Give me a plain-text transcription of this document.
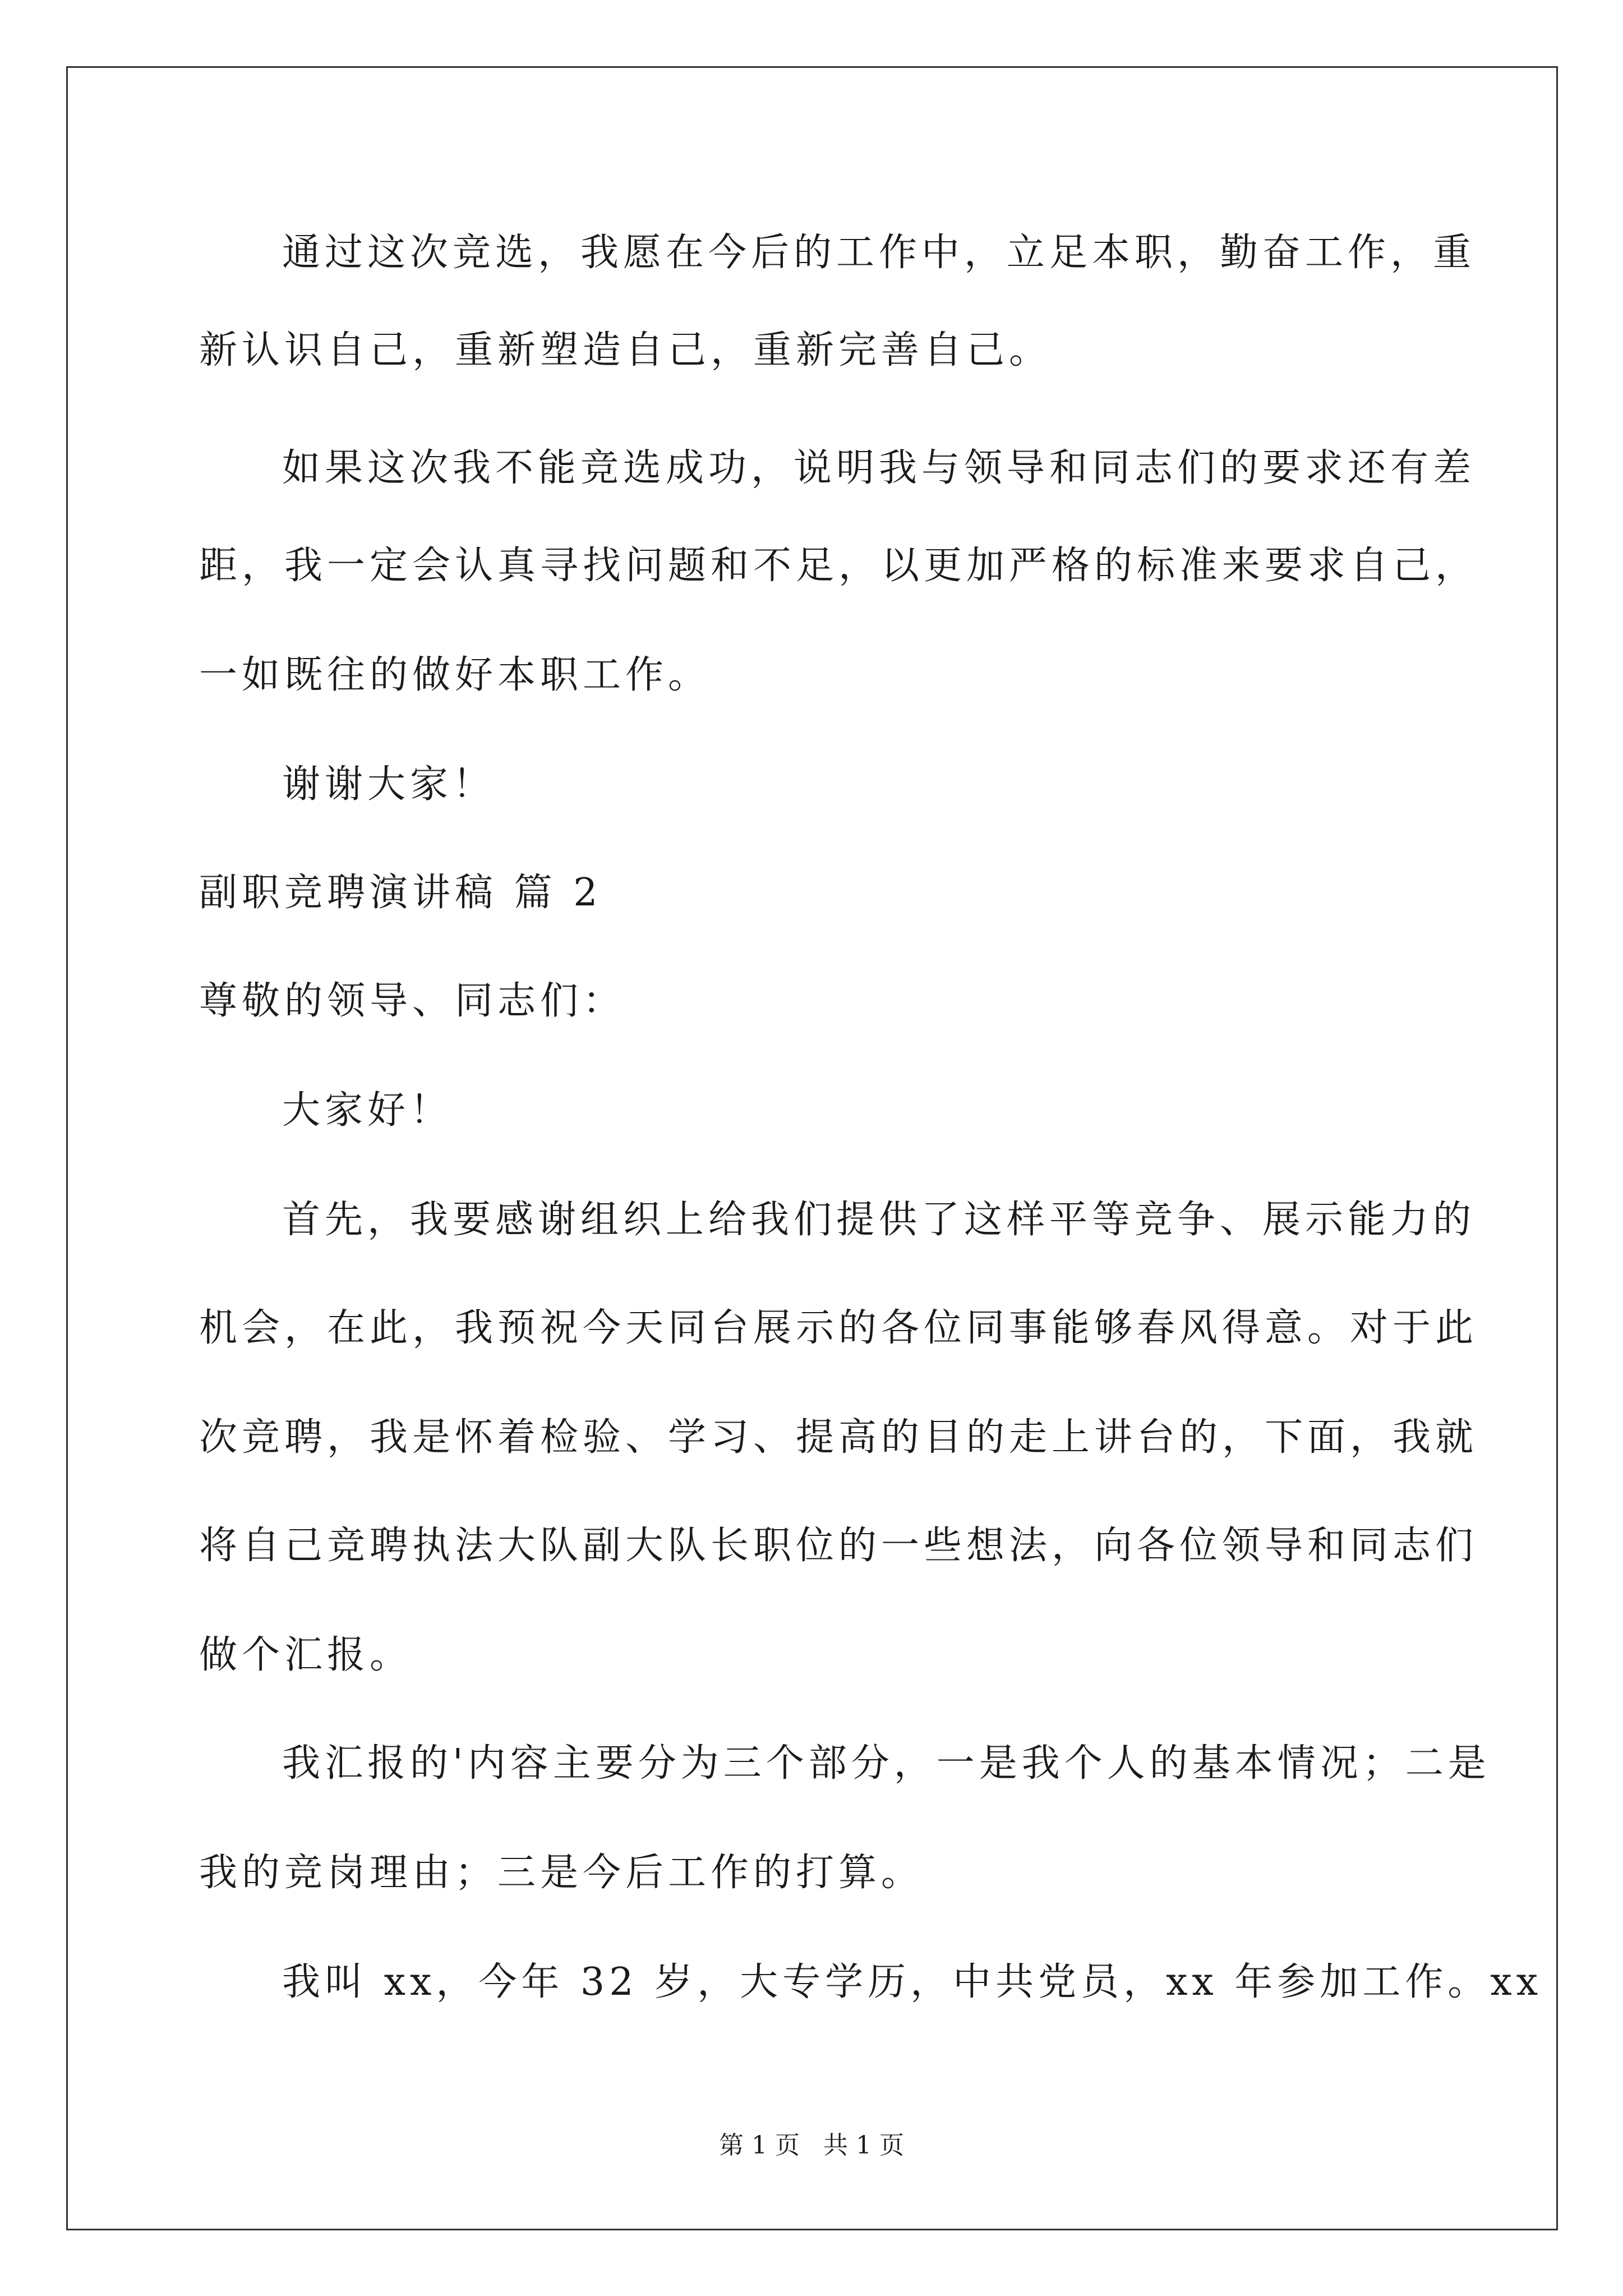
通过这次竞选，我愿在今后的工作中，立足本职，勤奋工作，重
新认识自己，重新塑造自己，重新完善自己。
如果这次我不能竞选成功，说明我与领导和同志们的要求还有差
距，我一定会认真寻找问题和不足，以更加严格的标准来要求自己，
一如既往的做好本职工作。
谢谢大家！
副职竞聘演讲稿 篇 2
尊敬的领导、同志们：
大家好！
首先，我要感谢组织上给我们提供了这样平等竞争、展示能力的
机会，在此，我预祝今天同台展示的各位同事能够春风得意。对于此
次竞聘，我是怀着检验、学习、提高的目的走上讲台的，下面，我就
将自己竞聘执法大队副大队长职位的一些想法，向各位领导和同志们
做个汇报。
我汇报的'内容主要分为三个部分，一是我个人的基本情况；二是
我的竞岗理由；三是今后工作的打算。
我叫 xx，今年 32 岁，大专学历，中共党员，xx 年参加工作。xx
第 1 页   共 1 页
